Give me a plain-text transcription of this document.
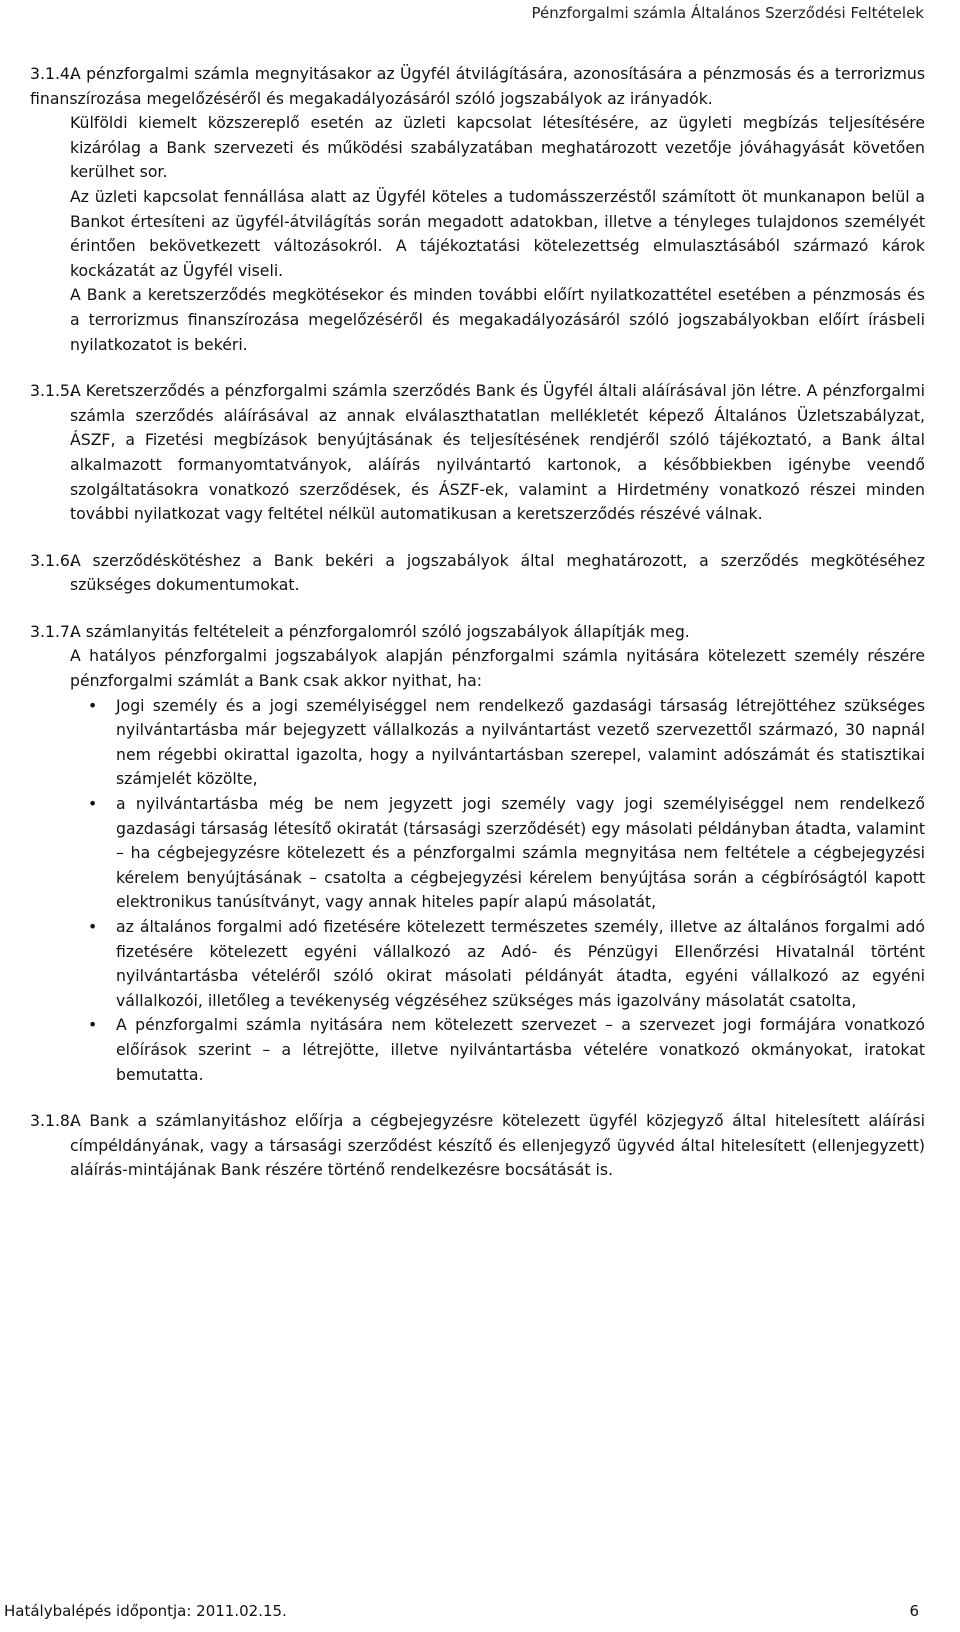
Pénzforgalmi számla Általános Szerződési Feltételek
3.1.4.

A pénzforgalmi számla megnyitásakor az Ügyfél átvilágítására, azonosítására a pénzmosás és a terrorizmus finanszírozása megelőzéséről és megakadályozásáról szóló jogszabályok az irányadók.

Külföldi kiemelt közszereplő esetén az üzleti kapcsolat létesítésére, az ügyleti megbízás teljesítésére kizárólag a Bank szervezeti és működési szabályzatában meghatározott vezetője jóváhagyását követően kerülhet sor.

Az üzleti kapcsolat fennállása alatt az Ügyfél köteles a tudomásszerzéstől számított öt munkanapon belül a Bankot értesíteni az ügyfél-átvilágítás során megadott adatokban, illetve a tényleges tulajdonos személyét érintően bekövetkezett változásokról. A tájékoztatási kötelezettség elmulasztásából származó károk kockázatát az Ügyfél viseli.

A Bank a keretszerződés megkötésekor és minden további előírt nyilatkozattétel esetében a pénzmosás és a terrorizmus finanszírozása megelőzéséről és megakadályozásáról szóló jogszabályokban előírt írásbeli nyilatkozatot is bekéri.

3.1.5.

A Keretszerződés a pénzforgalmi számla szerződés Bank és Ügyfél általi aláírásával jön létre. A pénzforgalmi számla szerződés aláírásával az annak elválaszthatatlan mellékletét képező Általános Üzletszabályzat, ÁSZF, a Fizetési megbízások benyújtásának és teljesítésének rendjéről szóló tájékoztató, a Bank által alkalmazott formanyomtatványok, aláírás nyilvántartó kartonok, a későbbiekben igénybe veendő szolgáltatásokra vonatkozó szerződések, és ÁSZF-ek, valamint a Hirdetmény vonatkozó részei minden további nyilatkozat vagy feltétel nélkül automatikusan a keretszerződés részévé válnak.

3.1.6.

A szerződéskötéshez a Bank bekéri a jogszabályok által meghatározott, a szerződés megkötéséhez szükséges dokumentumokat.

3.1.7.

A számlanyitás feltételeit a pénzforgalomról szóló jogszabályok állapítják meg.

A hatályos pénzforgalmi jogszabályok alapján pénzforgalmi számla nyitására kötelezett személy részére pénzforgalmi számlát a Bank csak akkor nyithat, ha:

• Jogi személy és a jogi személyiséggel nem rendelkező gazdasági társaság létrejöttéhez szükséges nyilvántartásba már bejegyzett vállalkozás a nyilvántartást vezető szervezettől származó, 30 napnál nem régebbi okirattal igazolta, hogy a nyilvántartásban szerepel, valamint adószámát és statisztikai számjelét közölte,
• a nyilvántartásba még be nem jegyzett jogi személy vagy jogi személyiséggel nem rendelkező gazdasági társaság létesítő okiratát (társasági szerződését) egy másolati példányban átadta, valamint – ha cégbejegyzésre kötelezett és a pénzforgalmi számla megnyitása nem feltétele a cégbejegyzési kérelem benyújtásának – csatolta a cégbejegyzési kérelem benyújtása során a cégbíróságtól kapott elektronikus tanúsítványt, vagy annak hiteles papír alapú másolatát,
• az általános forgalmi adó fizetésére kötelezett természetes személy, illetve az általános forgalmi adó fizetésére kötelezett egyéni vállalkozó az Adó- és Pénzügyi Ellenőrzési Hivatalnál történt nyilvántartásba vételéről szóló okirat másolati példányát átadta, egyéni vállalkozó az egyéni vállalkozói, illetőleg a tevékenység végzéséhez szükséges más igazolvány másolatát csatolta,
• A pénzforgalmi számla nyitására nem kötelezett szervezet – a szervezet jogi formájára vonatkozó előírások szerint – a létrejötte, illetve nyilvántartásba vételére vonatkozó okmányokat, iratokat bemutatta.
3.1.8.

A Bank a számlanyitáshoz előírja a cégbejegyzésre kötelezett ügyfél közjegyző által hitelesített aláírási címpéldányának, vagy a társasági szerződést készítő és ellenjegyző ügyvéd által hitelesített (ellenjegyzett) aláírás-mintájának Bank részére történő rendelkezésre bocsátását is.

Hatálybalépés időpontja: 2011.02.15.	6
